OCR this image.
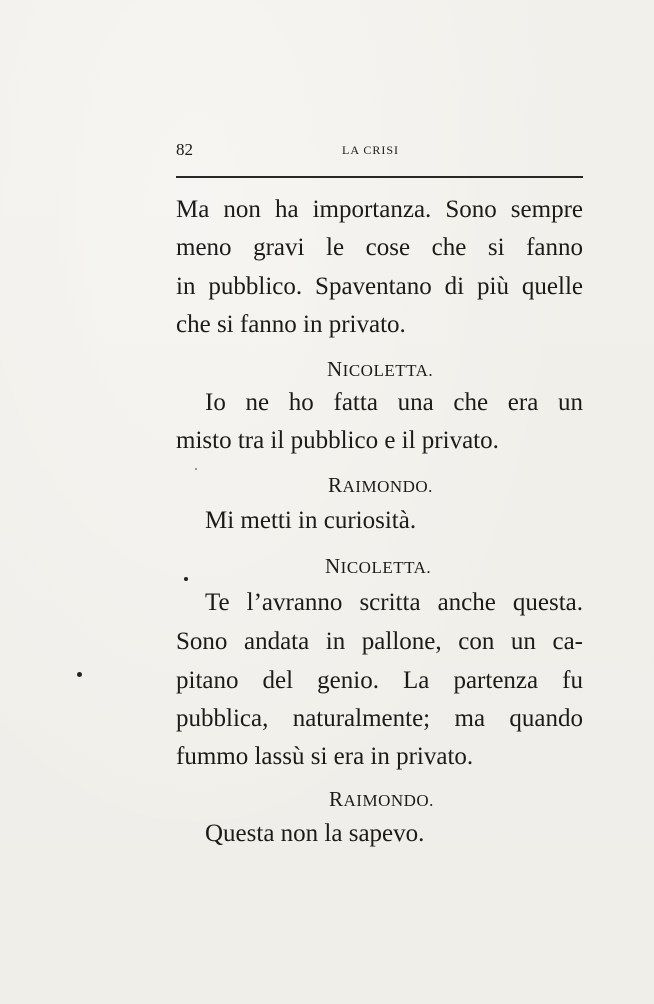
82	LA CRISI
Ma non ha importanza. Sono sempre
meno gravi le cose che si fanno
in pubblico. Spaventano di più quelle
che si fanno in privato.
NICOLETTA.
Io ne ho fatta una che era un
misto tra il pubblico e il privato.
RAIMONDO.
Mi metti in curiosità.
NICOLETTA.
Te l’avranno scritta anche questa.
Sono andata in pallone, con un ca-
pitano del genio. La partenza fu
pubblica, naturalmente; ma quando
fummo lassù si era in privato.
RAIMONDO.
Questa non la sapevo.
